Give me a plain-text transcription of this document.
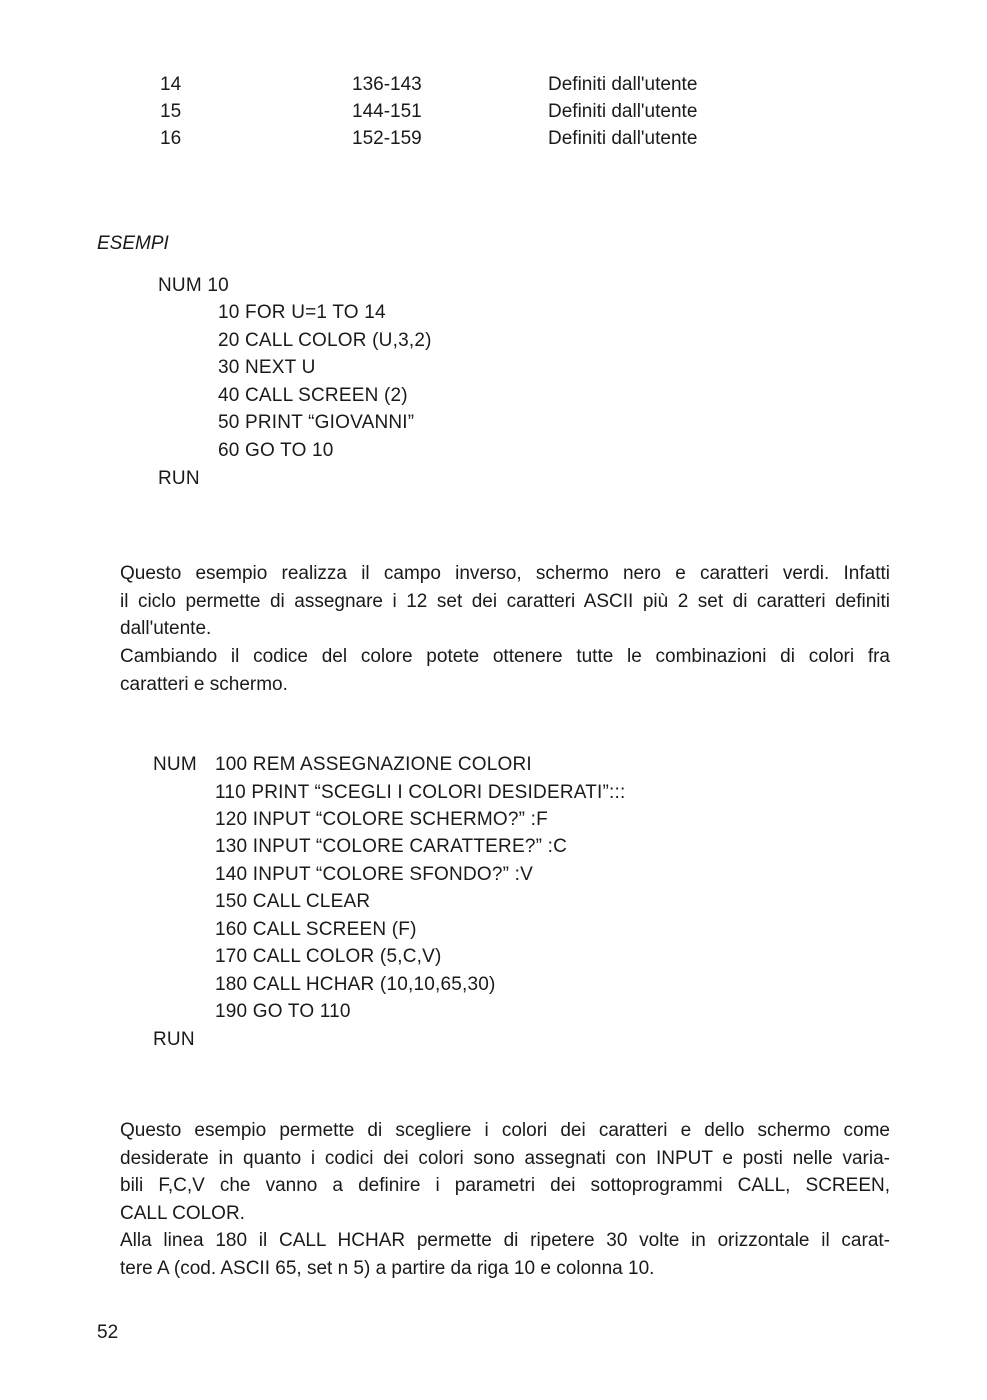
14	136-143	Definiti dall'utente
15	144-151	Definiti dall'utente
16	152-159	Definiti dall'utente
ESEMPI
NUM 10
10 FOR U=1 TO 14
20 CALL COLOR (U,3,2)
30 NEXT U
40 CALL SCREEN (2)
50 PRINT “GIOVANNI”
60 GO TO 10
RUN
Questo esempio realizza il campo inverso, schermo nero e caratteri verdi. Infatti
il ciclo permette di assegnare i 12 set dei caratteri ASCII più 2 set di caratteri definiti
dall'utente.
Cambiando il codice del colore potete ottenere tutte le combinazioni di colori fra
caratteri e schermo.
NUM 100 REM ASSEGNAZIONE COLORI
110 PRINT “SCEGLI I COLORI DESIDERATI”:::
120 INPUT “COLORE SCHERMO?” :F
130 INPUT “COLORE CARATTERE?” :C
140 INPUT “COLORE SFONDO?” :V
150 CALL CLEAR
160 CALL SCREEN (F)
170 CALL COLOR (5,C,V)
180 CALL HCHAR (10,10,65,30)
190 GO TO 110
RUN
Questo esempio permette di scegliere i colori dei caratteri e dello schermo come
desiderate in quanto i codici dei colori sono assegnati con INPUT e posti nelle varia-
bili F,C,V che vanno a definire i parametri dei sottoprogrammi CALL, SCREEN,
CALL COLOR.
Alla linea 180 il CALL HCHAR permette di ripetere 30 volte in orizzontale il carat-
tere A (cod. ASCII 65, set n 5) a partire da riga 10 e colonna 10.
52
